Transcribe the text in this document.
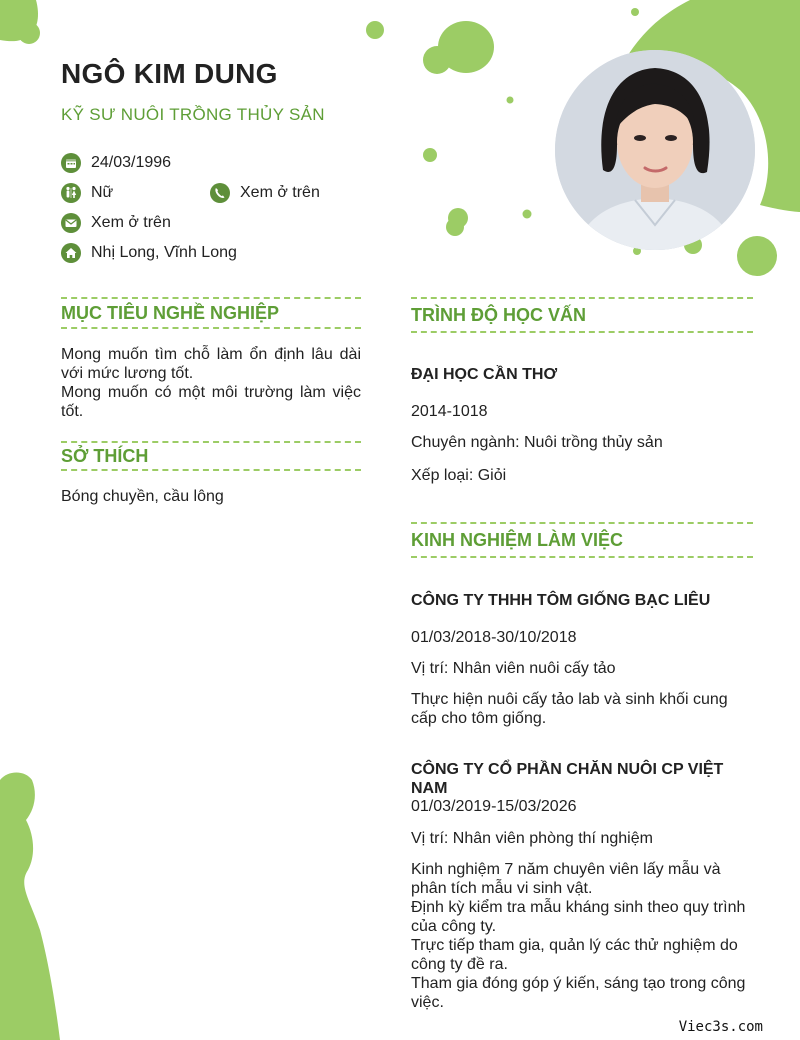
NGÔ KIM DUNG
KỸ SƯ NUÔI TRỒNG THỦY SẢN
24/03/1996
Nữ	Xem ở trên
Xem ở trên
Nhị Long, Vĩnh Long
MỤC TIÊU NGHỀ NGHIỆP
Mong muốn tìm chỗ làm ổn định lâu dài với mức lương tốt.
Mong muốn có một môi trường làm việc tốt.
SỞ THÍCH
Bóng chuyền, cầu lông
TRÌNH ĐỘ HỌC VẤN
ĐẠI HỌC CẦN THƠ
2014-1018
Chuyên ngành: Nuôi trồng thủy sản
Xếp loại: Giỏi
KINH NGHIỆM LÀM VIỆC
CÔNG TY THHH TÔM GIỐNG BẠC LIÊU
01/03/2018-30/10/2018
Vị trí: Nhân viên nuôi cấy tảo
Thực hiện nuôi cấy tảo lab và sinh khối cung cấp cho tôm giống.
CÔNG TY CỔ PHẦN CHĂN NUÔI CP VIỆT NAM
01/03/2019-15/03/2026
Vị trí: Nhân viên phòng thí nghiệm
Kinh nghiệm 7 năm chuyên viên lấy mẫu và phân tích mẫu vi sinh vật.
Định kỳ kiểm tra mẫu kháng sinh theo quy trình của công ty.
Trực tiếp tham gia, quản lý các thử nghiệm do công ty đề ra.
Tham gia đóng góp ý kiến, sáng tạo trong công việc.
Viec3s.com
